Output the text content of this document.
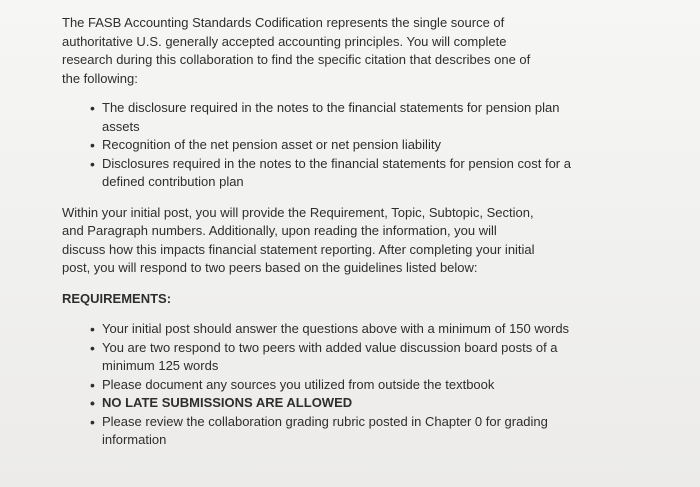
The FASB Accounting Standards Codification represents the single source of authoritative U.S. generally accepted accounting principles. You will complete research during this collaboration to find the specific citation that describes one of the following:

• The disclosure required in the notes to the financial statements for pension plan assets
• Recognition of the net pension asset or net pension liability
• Disclosures required in the notes to the financial statements for pension cost for a defined contribution plan

Within your initial post, you will provide the Requirement, Topic, Subtopic, Section, and Paragraph numbers. Additionally, upon reading the information, you will discuss how this impacts financial statement reporting. After completing your initial post, you will respond to two peers based on the guidelines listed below:

REQUIREMENTS:

• Your initial post should answer the questions above with a minimum of 150 words
• You are two respond to two peers with added value discussion board posts of a minimum 125 words
• Please document any sources you utilized from outside the textbook
• NO LATE SUBMISSIONS ARE ALLOWED
• Please review the collaboration grading rubric posted in Chapter 0 for grading information
